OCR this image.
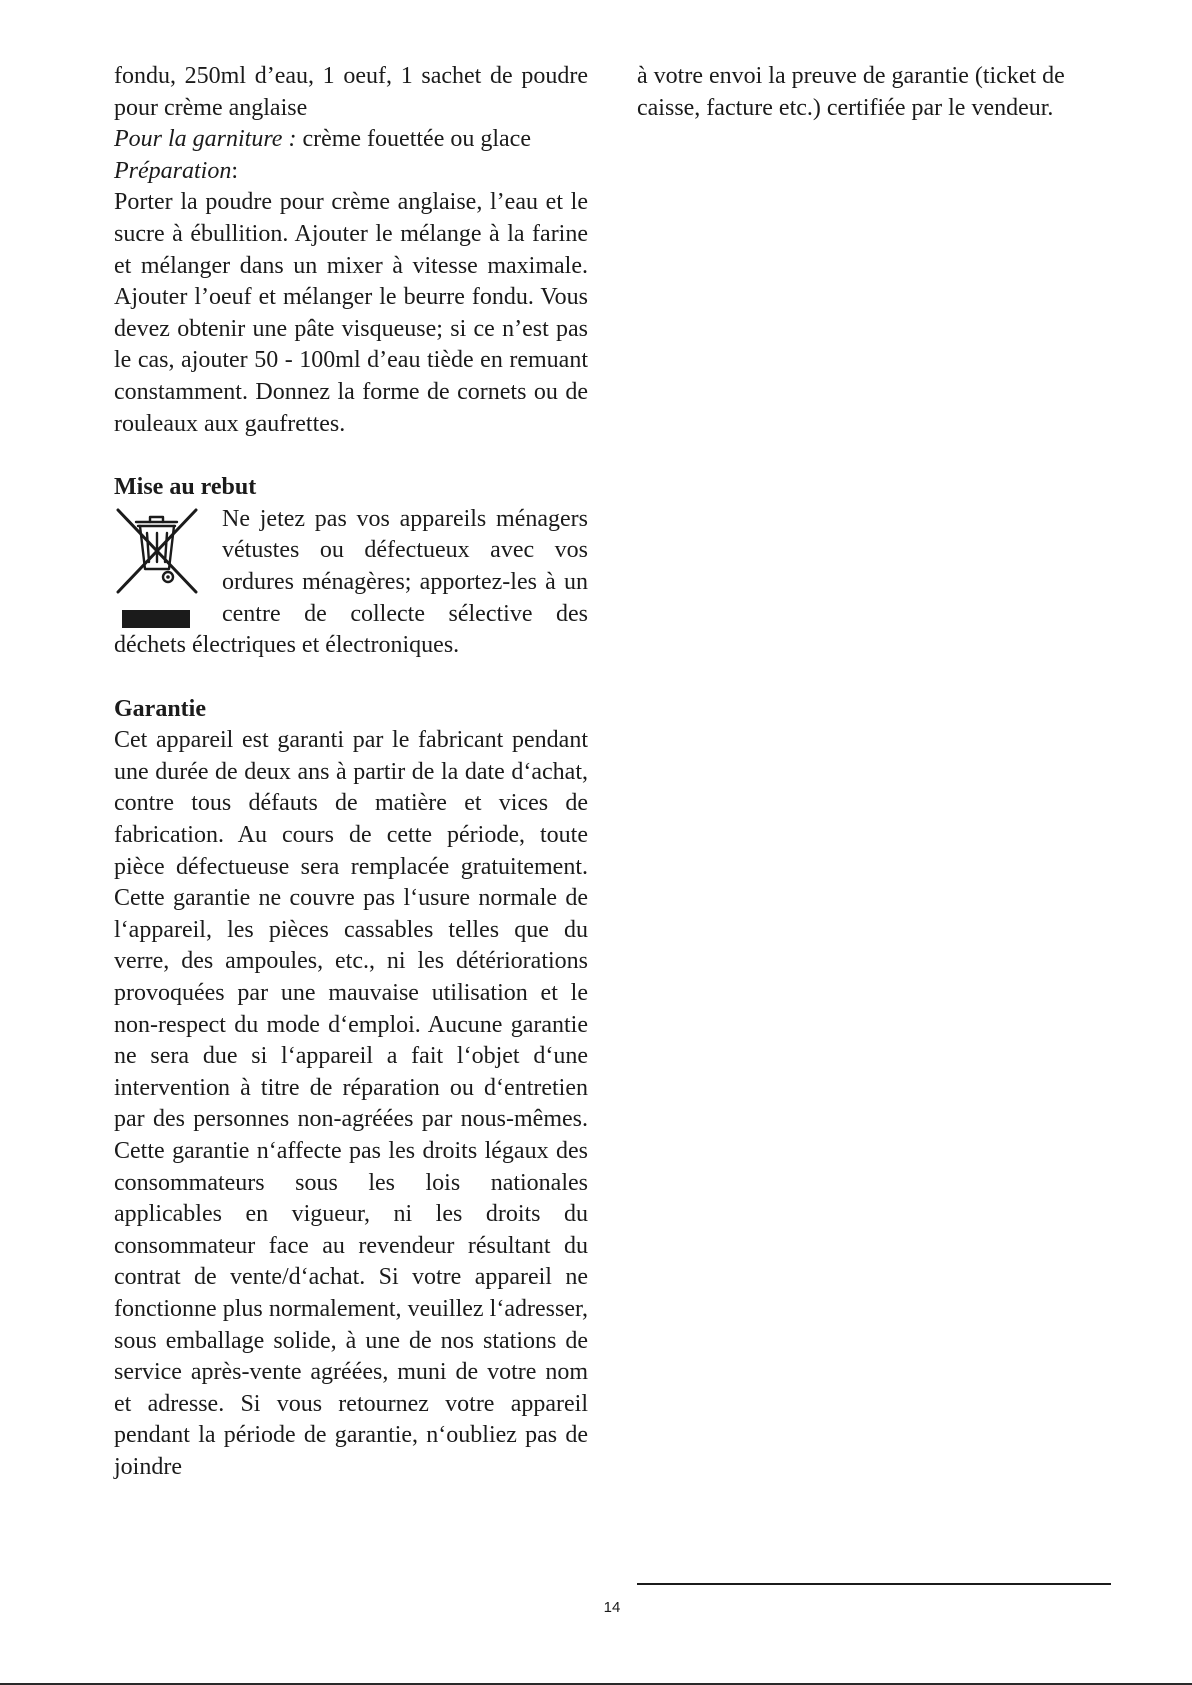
fondu, 250ml d’eau, 1 oeuf, 1 sachet de poudre pour crème anglaise

Pour la garniture : crème fouettée ou glace

Préparation:

Porter la poudre pour crème anglaise, l’eau et le sucre à ébullition. Ajouter le mélange à la farine et mélanger dans un mixer à vitesse maximale. Ajouter l’oeuf et mélanger le beurre fondu. Vous devez obtenir une pâte visqueuse; si ce n’est pas le cas, ajouter 50 - 100ml d’eau tiède en remuant constamment. Donnez la forme de cornets ou de rouleaux aux gaufrettes.

Mise au rebut

Ne jetez pas vos appareils ménagers vétustes ou défectueux avec vos ordures ménagères; apportez-les à un centre de collecte sélective des déchets électriques et électroniques.

Garantie

Cet appareil est garanti par le fabricant pendant une durée de deux ans à partir de la date d‘achat, contre tous défauts de matière et vices de fabrication. Au cours de cette période, toute pièce défectueuse sera remplacée gratuitement. Cette garantie ne couvre pas l‘usure normale de l‘appareil, les pièces cassables telles que du verre, des ampoules, etc., ni les détériorations provoquées par une mauvaise utilisation et le non-respect du mode d‘emploi. Aucune garantie ne sera due si l‘appareil a fait l‘objet d‘une intervention à titre de réparation ou d‘entretien par des personnes non-agréées par nous-mêmes. Cette garantie n‘affecte pas les droits légaux des consommateurs sous les lois nationales applicables en vigueur, ni les droits du consommateur face au revendeur résultant du contrat de vente/d‘achat. Si votre appareil ne fonctionne plus normalement, veuillez l‘adresser, sous emballage solide, à une de nos stations de service après-vente agréées, muni de votre nom et adresse. Si vous retournez votre appareil pendant la période de garantie, n‘oubliez pas de joindre

à votre envoi la preuve de garantie (ticket de caisse, facture etc.) certifiée par le vendeur.

14
